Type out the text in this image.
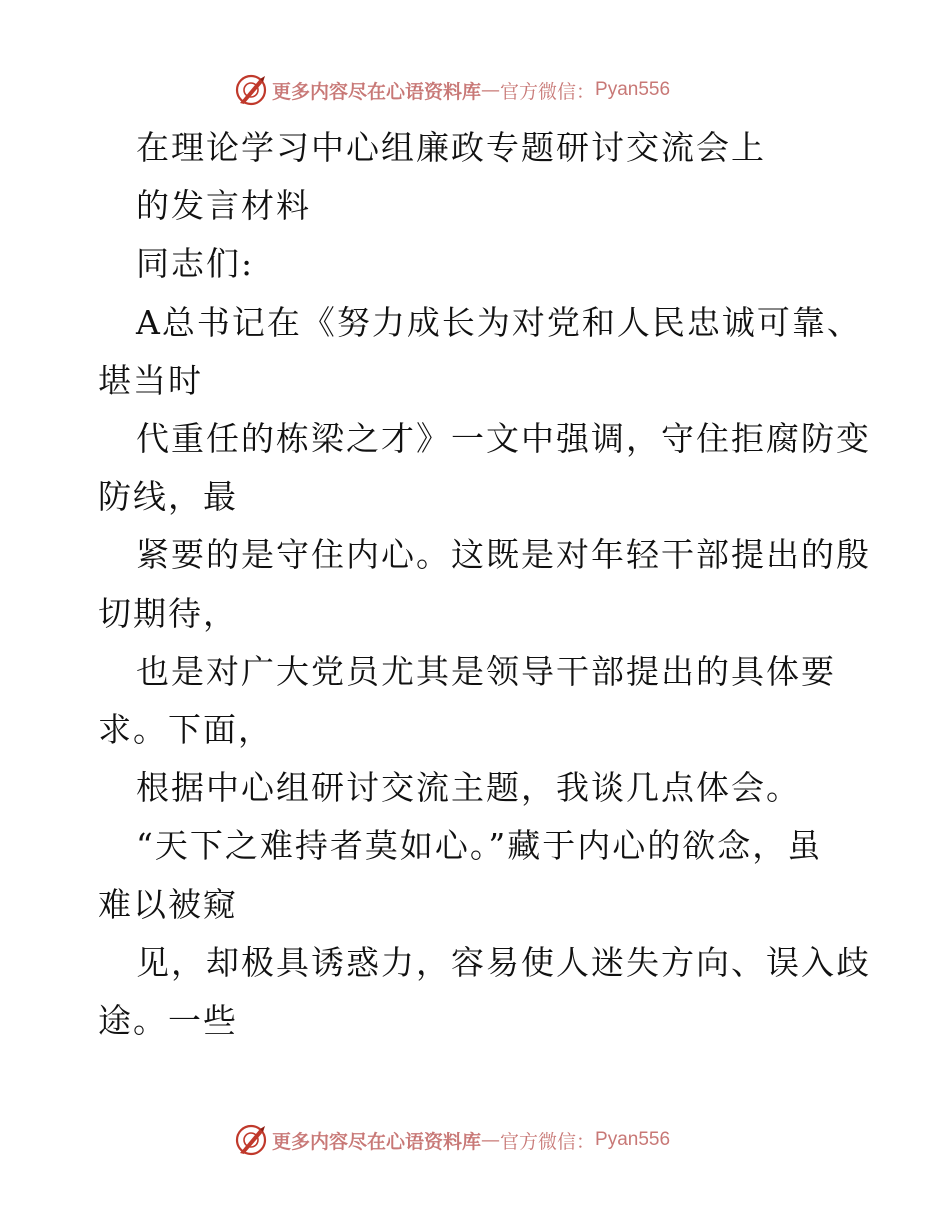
更多内容尽在心语资料库 — 官方微信： Pyan556
在理论学习中心组廉政专题研讨交流会上
的发言材料
同志们:
A总书记在《努力成长为对党和人民忠诚可靠、
堪当时
代重任的栋梁之才》一文中强调，守住拒腐防变
防线，最
紧要的是守住内心。这既是对年轻干部提出的殷
切期待，
也是对广大党员尤其是领导干部提出的具体要
求。下面，
根据中心组研讨交流主题，我谈几点体会。
“天下之难持者莫如心。”藏于内心的欲念，虽
难以被窥
见，却极具诱惑力，容易使人迷失方向、误入歧
途。一些
更多内容尽在心语资料库 — 官方微信： Pyan556
